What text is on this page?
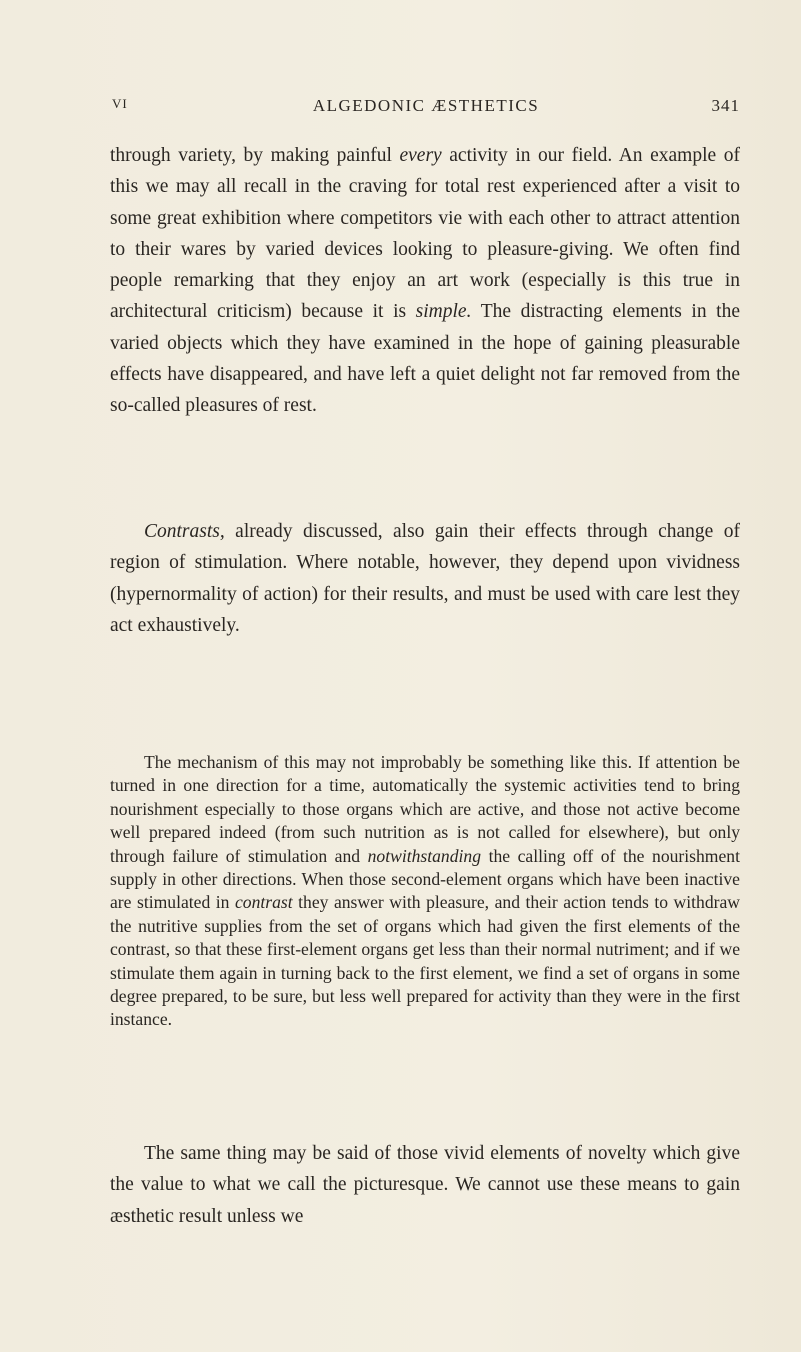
VI	ALGEDONIC ÆSTHETICS	341

through variety, by making painful every activity in our field. An example of this we may all recall in the craving for total rest experienced after a visit to some great exhibition where competitors vie with each other to attract attention to their wares by varied devices looking to pleasure-giving. We often find people remarking that they enjoy an art work (especially is this true in architectural criticism) because it is simple. The distracting elements in the varied objects which they have examined in the hope of gaining pleasurable effects have disappeared, and have left a quiet delight not far removed from the so-called pleasures of rest.

Contrasts, already discussed, also gain their effects through change of region of stimulation. Where notable, however, they depend upon vividness (hypernormality of action) for their results, and must be used with care lest they act exhaustively.

The mechanism of this may not improbably be something like this. If attention be turned in one direction for a time, automatically the systemic activities tend to bring nourishment especially to those organs which are active, and those not active become well prepared indeed (from such nutrition as is not called for elsewhere), but only through failure of stimulation and notwithstanding the calling off of the nourishment supply in other directions. When those second-element organs which have been inactive are stimulated in contrast they answer with pleasure, and their action tends to withdraw the nutritive supplies from the set of organs which had given the first elements of the contrast, so that these first-element organs get less than their normal nutriment; and if we stimulate them again in turning back to the first element, we find a set of organs in some degree prepared, to be sure, but less well prepared for activity than they were in the first instance.

The same thing may be said of those vivid elements of novelty which give the value to what we call the picturesque. We cannot use these means to gain æsthetic result unless we
